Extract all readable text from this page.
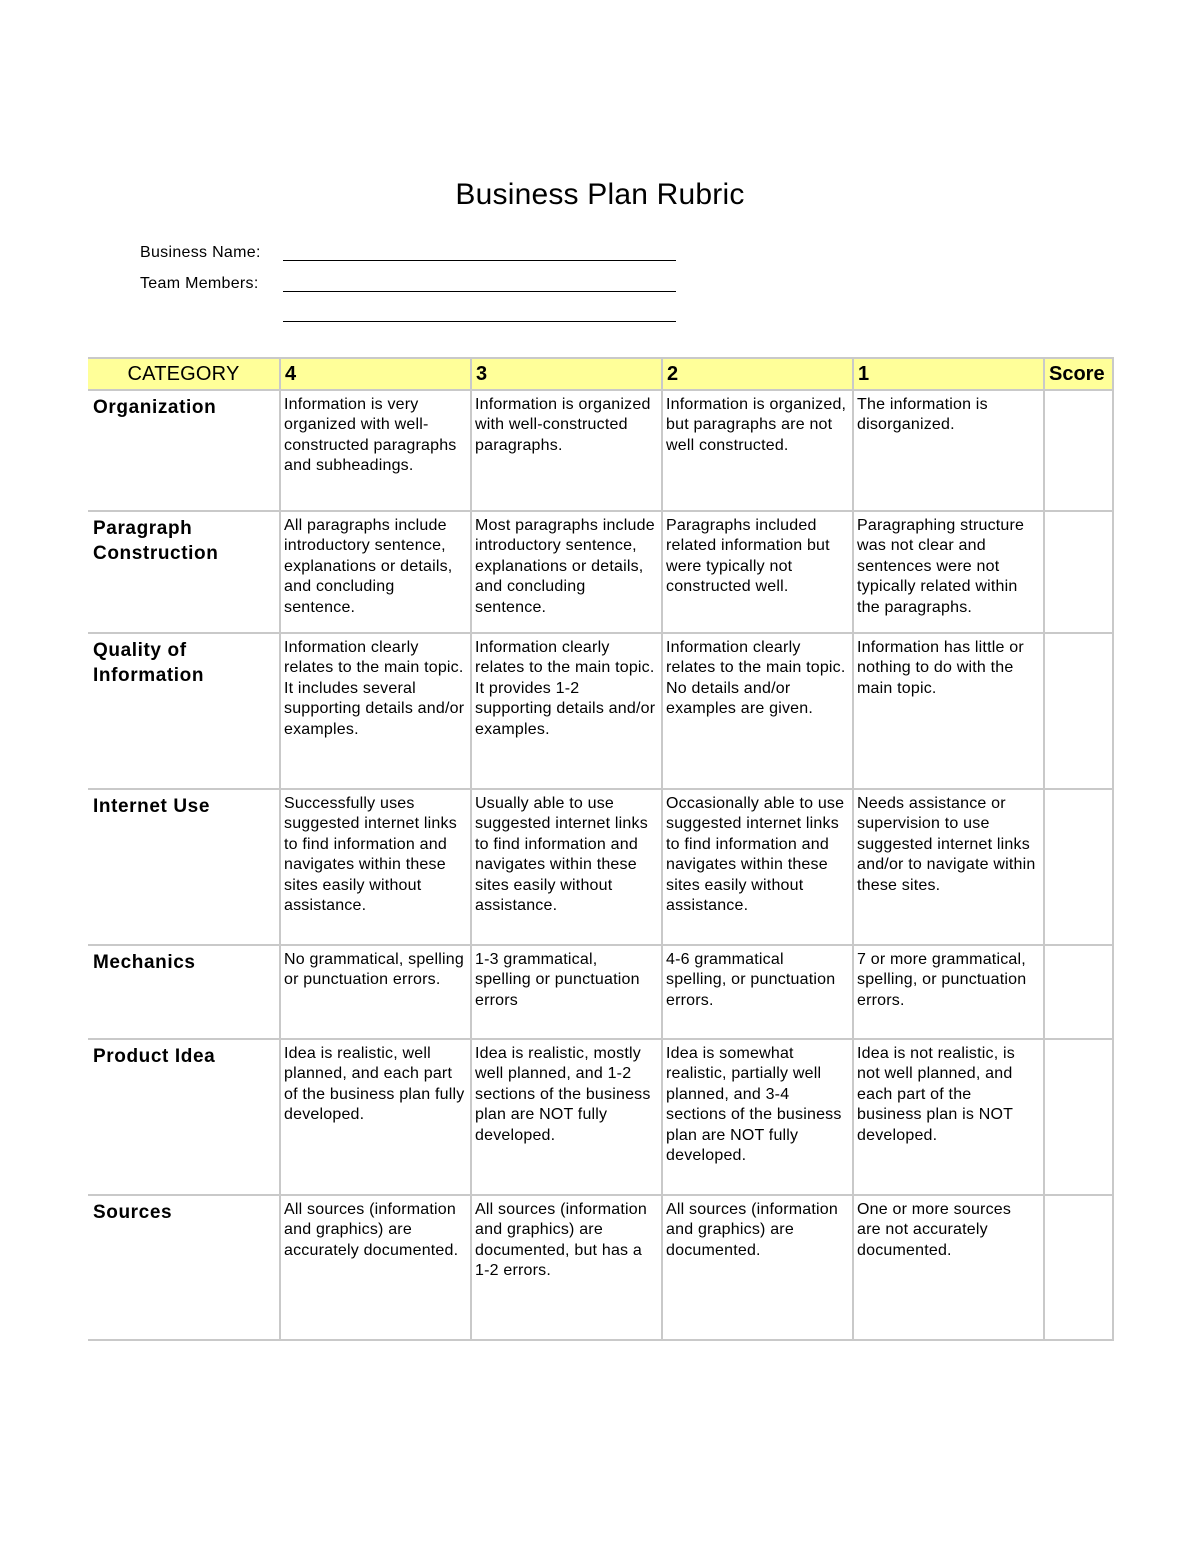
Business Plan Rubric
Business Name:
Team Members:
CATEGORY	4	3	2	1	Score
Organization	Information is very organized with well-constructed paragraphs and subheadings.	Information is organized with well-constructed paragraphs.	Information is organized, but paragraphs are not well constructed.	The information is disorganized.	
Paragraph Construction	All paragraphs include introductory sentence, explanations or details, and concluding sentence.	Most paragraphs include introductory sentence, explanations or details, and concluding sentence.	Paragraphs included related information but were typically not constructed well.	Paragraphing structure was not clear and sentences were not typically related within the paragraphs.	
Quality of Information	Information clearly relates to the main topic. It includes several supporting details and/or examples.	Information clearly relates to the main topic. It provides 1-2 supporting details and/or examples.	Information clearly relates to the main topic. No details and/or examples are given.	Information has little or nothing to do with the main topic.	
Internet Use	Successfully uses suggested internet links to find information and navigates within these sites easily without assistance.	Usually able to use suggested internet links to find information and navigates within these sites easily without assistance.	Occasionally able to use suggested internet links to find information and navigates within these sites easily without assistance.	Needs assistance or supervision to use suggested internet links and/or to navigate within these sites.	
Mechanics	No grammatical, spelling or punctuation errors.	1-3 grammatical, spelling or punctuation errors	4-6 grammatical spelling, or punctuation errors.	7 or more grammatical, spelling, or punctuation errors.	
Product Idea	Idea is realistic, well planned, and each part of the business plan fully developed.	Idea is realistic, mostly well planned, and 1-2 sections of the business plan are NOT fully developed.	Idea is somewhat realistic, partially well planned, and 3-4 sections of the business plan are NOT fully developed.	Idea is not realistic, is not well planned, and each part of the business plan is NOT developed.	
Sources	All sources (information and graphics) are accurately documented.	All sources (information and graphics) are documented, but has a 1-2 errors.	All sources (information and graphics) are documented.	One or more sources are not accurately documented.	
